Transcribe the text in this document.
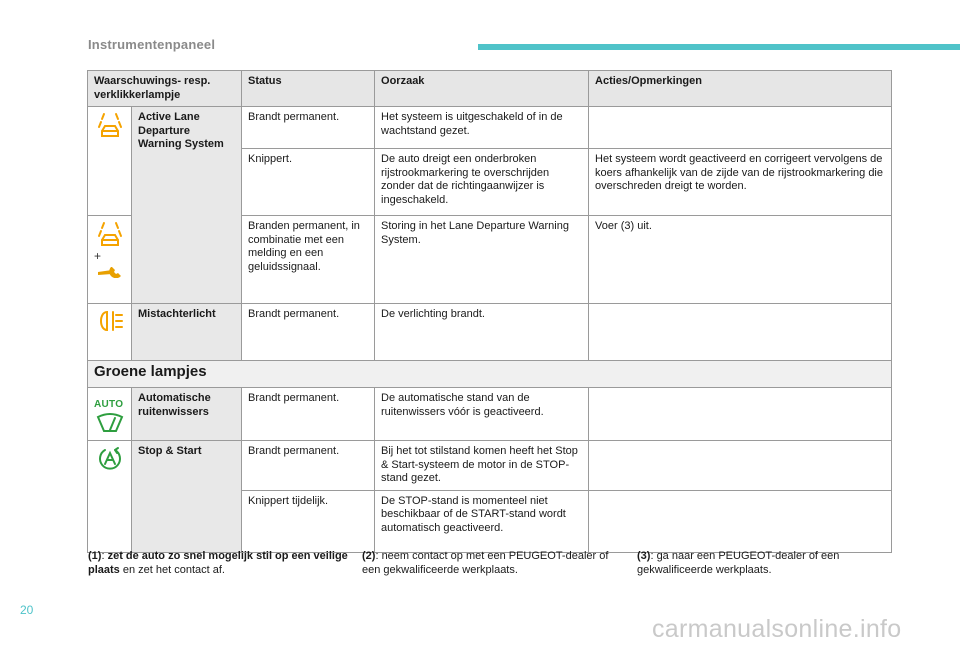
Instrumentenpaneel
Waarschuwings- resp. verklikkerlampje		Status	Oorzaak	Acties/Opmerkingen

	Active Lane Departure Warning System	Brandt permanent.	Het systeem is uitgeschakeld of in de wachtstand gezet.	
		Knippert.	De auto dreigt een onderbroken rijstrookmarkering te overschrijden zonder dat de richtingaanwijzer is ingeschakeld.	Het systeem wordt geactiveerd en corrigeert vervolgens de koers afhankelijk van de zijde van de rijstrookmarkering die overschreden dreigt te worden.

+		Branden permanent, in combinatie met een melding en een geluidssignaal.	Storing in het Lane Departure Warning System.	Voer (3) uit.

	Mistachterlicht	Brandt permanent.	De verlichting brandt.	
Groene lampjes				

AUTO	Automatische ruitenwissers	Brandt permanent.	De automatische stand van de ruitenwissers vóór is geactiveerd.	

	Stop & Start	Brandt permanent.	Bij het tot stilstand komen heeft het Stop & Start-systeem de motor in de STOP-stand gezet.	
		Knippert tijdelijk.	De STOP-stand is momenteel niet beschikbaar of de START-stand wordt automatisch geactiveerd.	
(1): zet de auto zo snel mogelijk stil op een veilige plaats en zet het contact af.
(2): neem contact op met een PEUGEOT-dealer of een gekwalificeerde werkplaats.
(3): ga naar een PEUGEOT-dealer of een gekwalificeerde werkplaats.
20
carmanualsonline.info
